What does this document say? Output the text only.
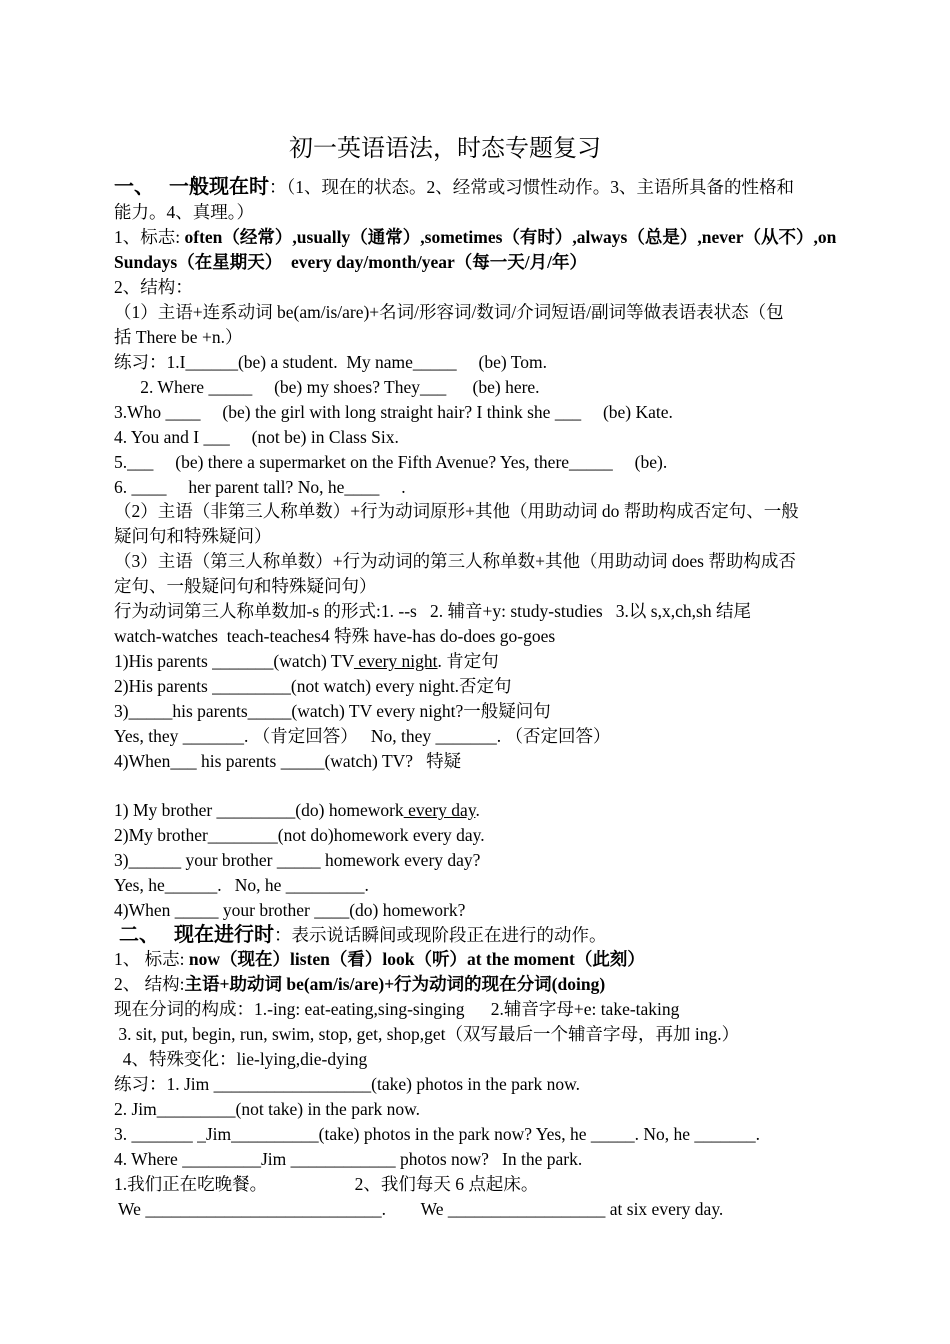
初一英语语法，时态专题复习
一、　 一般现在时：（1、现在的状态。2、经常或习惯性动作。3、主语所具备的性格和
能力。4、真理。）
1、标志: often（经常）,usually（通常）,sometimes（有时）,always（总是）,never（从不）,on
Sundays（在星期天）  every day/month/year（每一天/月/年）
2、结构：
（1）主语+连系动词 be(am/is/are)+名词/形容词/数词/介词短语/副词等做表语表状态（包
括 There be +n.）
练习：1.I______(be) a student.  My name_____     (be) Tom.
2. Where _____     (be) my shoes? They___      (be) here.
3.Who ____     (be) the girl with long straight hair? I think she ___     (be) Kate.
4. You and I ___     (not be) in Class Six.
5.___     (be) there a supermarket on the Fifth Avenue? Yes, there_____     (be).
6. ____     her parent tall? No, he____     .
（2）主语（非第三人称单数）+行为动词原形+其他（用助动词 do 帮助构成否定句、一般
疑问句和特殊疑问）
（3）主语（第三人称单数）+行为动词的第三人称单数+其他（用助动词 does 帮助构成否
定句、一般疑问句和特殊疑问句）
行为动词第三人称单数加-s 的形式:1. --s   2. 辅音+y: study-studies   3.以 s,x,ch,sh 结尾
watch-watches  teach-teaches4 特殊 have-has do-does go-goes
1)His parents _______(watch) TV every night. 肯定句
2)His parents _________(not watch) every night.否定句
3)_____his parents_____(watch) TV every night?一般疑问句
Yes, they _______. （肯定回答）   No, they _______. （否定回答）
4)When___ his parents _____(watch) TV?   特疑
1) My brother _________(do) homework every day.
2)My brother________(not do)homework every day.
3)______ your brother _____ homework every day?
Yes, he______.   No, he _________.
4)When _____ your brother ____(do) homework?
二、　 现在进行时：表示说话瞬间或现阶段正在进行的动作。
1、 标志: now（现在）listen（看）look（听）at the moment（此刻）
2、 结构:主语+助动词 be(am/is/are)+行为动词的现在分词(doing)
现在分词的构成：1.-ing: eat-eating,sing-singing      2.辅音字母+e: take-taking
3. sit, put, begin, run, swim, stop, get, shop,get（双写最后一个辅音字母，再加 ing.）
4、特殊变化：lie-lying,die-dying
练习：1. Jim __________________(take) photos in the park now.
2. Jim_________(not take) in the park now.
3. _______ _Jim__________(take) photos in the park now? Yes, he _____. No, he _______.
4. Where _________Jim ____________ photos now?   In the park.
1.我们正在吃晚餐。                    2、我们每天 6 点起床。
We ___________________________.        We __________________ at six every day.
